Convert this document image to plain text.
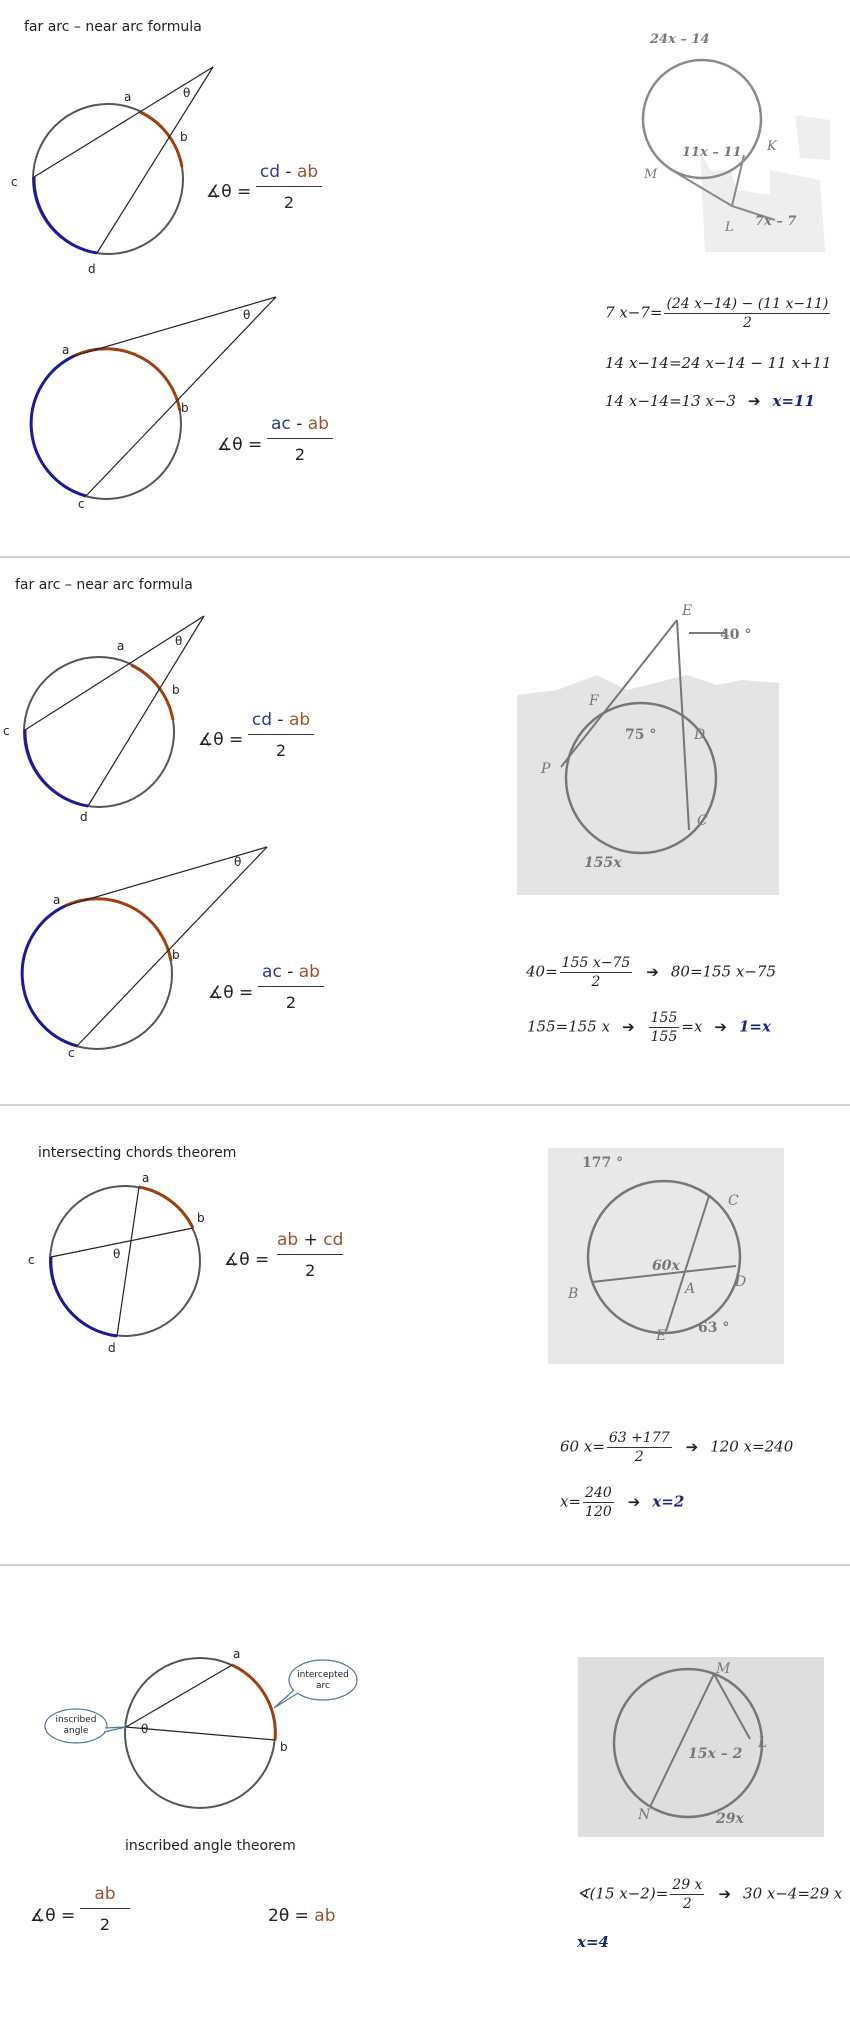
far arc – near arc formula
a
b
c
d
θ
∡θ =
cd - ab
2
a
b
c
θ
∡θ =
ac - ab
2
24x – 14
11x – 11
7x – 7
K
M
L
7 $x-7= \frac{(24 x-14) - (11 x-11)}{2}$
14 x−14=24 x−14 − 11 x+11
14 x−14=13 x−3 ➔ x=11
far arc – near arc formula
a
b
c
d
θ
∡θ =
cd - ab
2
a
b
c
θ
∡θ =
ac - ab
2
E
40 °
F
75 °	D
P
C
155x
$40= \frac{155 x-75}{2}$ ➔ 80=155 x−75
155=155 x ➔ $\frac{155}{155} =x$ ➔ 1=x
intersecting chords theorem
a
b
c
d
θ	∡θ =
ab + cd
2
177 °
C
60x
D
B	A
E 63 °
60 $x= \frac{63 +177}{2}$ ➔ 120 x=240
$x= \frac{240}{120}$ ➔ x=2
a
b
θ
inscribed angle
intercepted arc
inscribed angle theorem
∡θ =
ab
2	2θ = ab
M
L
15x – 2
N	29x
∢(15 $x-2)= \frac{29 x}{2}$ ➔ 30 x−4=29 x
x=4
